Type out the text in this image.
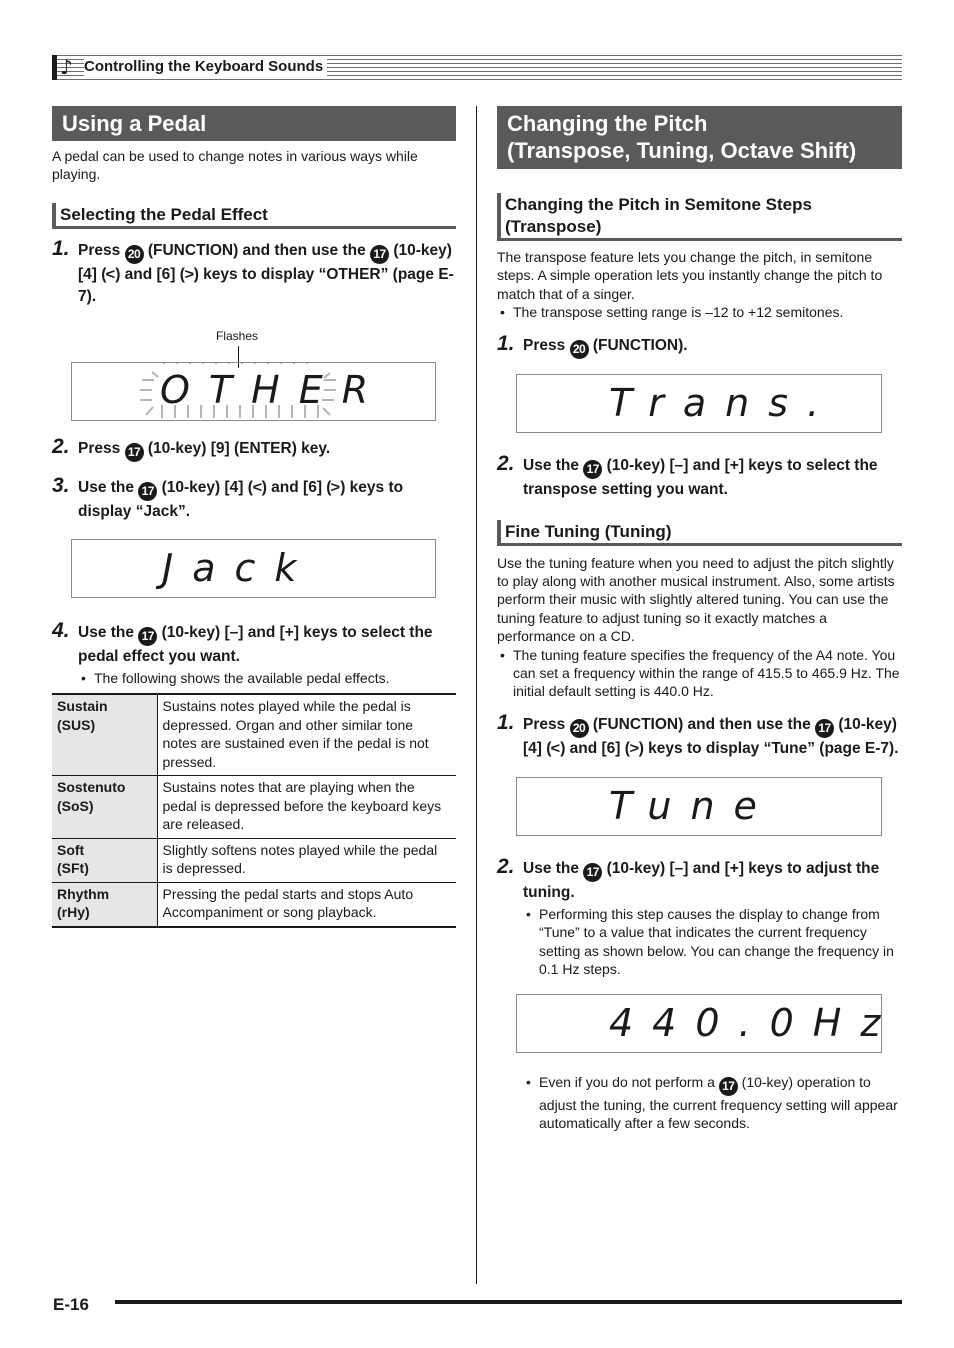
♪ Controlling the Keyboard Sounds
Using a Pedal

A pedal can be used to change notes in various ways while playing.

Selecting the Pedal Effect
1. Press 20 (FUNCTION) and then use the 17 (10-key) [4] (<) and [6] (>) keys to display “OTHER” (page E-7).
Flashes
OTHER
2. Press 17 (10-key) [9] (ENTER) key.
3. Use the 17 (10-key) [4] (<) and [6] (>) keys to display “Jack”.
Jack
4. Use the 17 (10-key) [–] and [+] keys to select the pedal effect you want.
• The following shows the available pedal effects.
Sustain
(SUS)	Sustains notes played while the pedal is depressed. Organ and other similar tone notes are sustained even if the pedal is not pressed.
Sostenuto
(SoS)	Sustains notes that are playing when the pedal is depressed before the keyboard keys are released.
Soft
(SFt)	Slightly softens notes played while the pedal is depressed.
Rhythm
(rHy)	Pressing the pedal starts and stops Auto Accompaniment or song playback.
Changing the Pitch
(Transpose, Tuning, Octave Shift)
Changing the Pitch in Semitone Steps
(Transpose)

The transpose feature lets you change the pitch, in semitone steps. A simple operation lets you instantly change the pitch to match that of a singer.

• The transpose setting range is –12 to +12 semitones.
1. Press 20 (FUNCTION).
Trans.
2. Use the 17 (10-key) [–] and [+] keys to select the transpose setting you want.
Fine Tuning (Tuning)

Use the tuning feature when you need to adjust the pitch slightly to play along with another musical instrument. Also, some artists perform their music with slightly altered tuning. You can use the tuning feature to adjust tuning so it exactly matches a performance on a CD.

• The tuning feature specifies the frequency of the A4 note. You can set a frequency within the range of 415.5 to 465.9 Hz. The initial default setting is 440.0 Hz.
1. Press 20 (FUNCTION) and then use the 17 (10-key) [4] (<) and [6] (>) keys to display “Tune” (page E-7).
Tune
2. Use the 17 (10-key) [–] and [+] keys to adjust the tuning.
• Performing this step causes the display to change from “Tune” to a value that indicates the current frequency setting as shown below. You can change the frequency in 0.1 Hz steps.
440.0Hz
• Even if you do not perform a 17 (10-key) operation to adjust the tuning, the current frequency setting will appear automatically after a few seconds.
E-16
